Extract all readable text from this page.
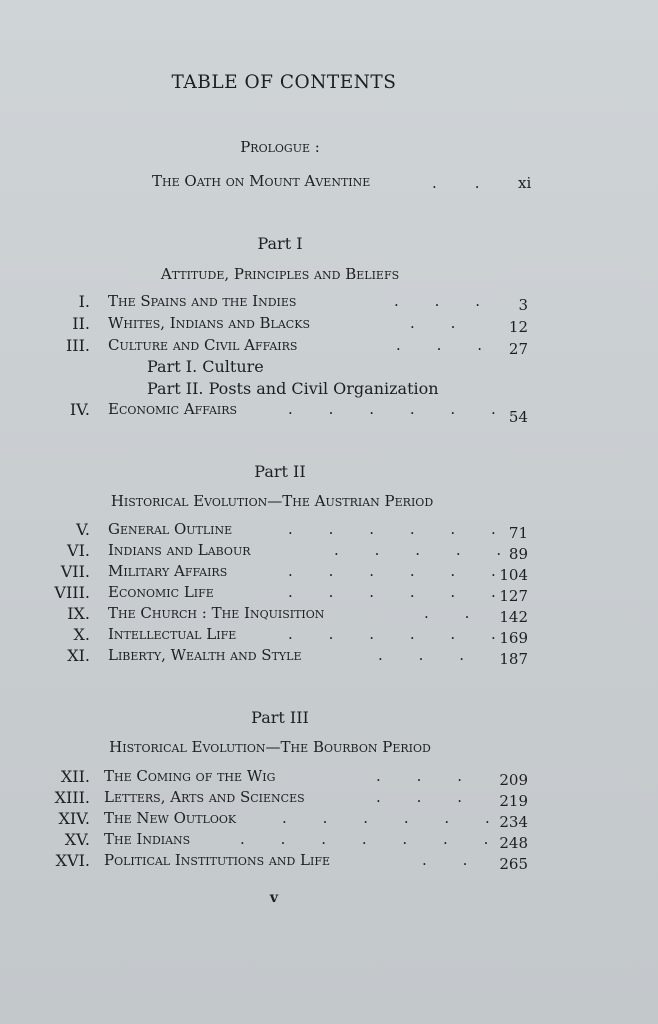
TABLE OF CONTENTS
Prologue :
The Oath on Mount Aventine	.. xi
Part I
Attitude, Principles and Beliefs
I. The Spains and the Indies	.     .     . 3
II. Whites, Indians and Blacks	.     .	12
III. Culture and Civil Affairs	.     .     . 27
Part I. Culture
Part II. Posts and Civil Organization
IV. Economic Affairs	.     .     .     .     .     . 54
Part II
Historical Evolution—The Austrian Period
V. General Outline	.     .     .     .     .     . 71
VI. Indians and Labour	.     .     .     .     . 89
VII. Military Affairs	.     .     .     .     .     . 104
VIII. Economic Life	.     .     .     .     .     . 127
IX. The Church : The Inquisition	.     . 142
X. Intellectual Life	.     .     .     .     .     . 169
XI. Liberty, Wealth and Style	.     .     . 187
Part III
Historical Evolution—The Bourbon Period
XII. The Coming of the Wig	.     .     . 209
XIII. Letters, Arts and Sciences	.     .     . 219
XIV. The New Outlook	.     .     .     .     .     . 234
XV. The Indians	.     .     .     .     .     .     . 248
XVI. Political Institutions and Life	.     . 265
v
